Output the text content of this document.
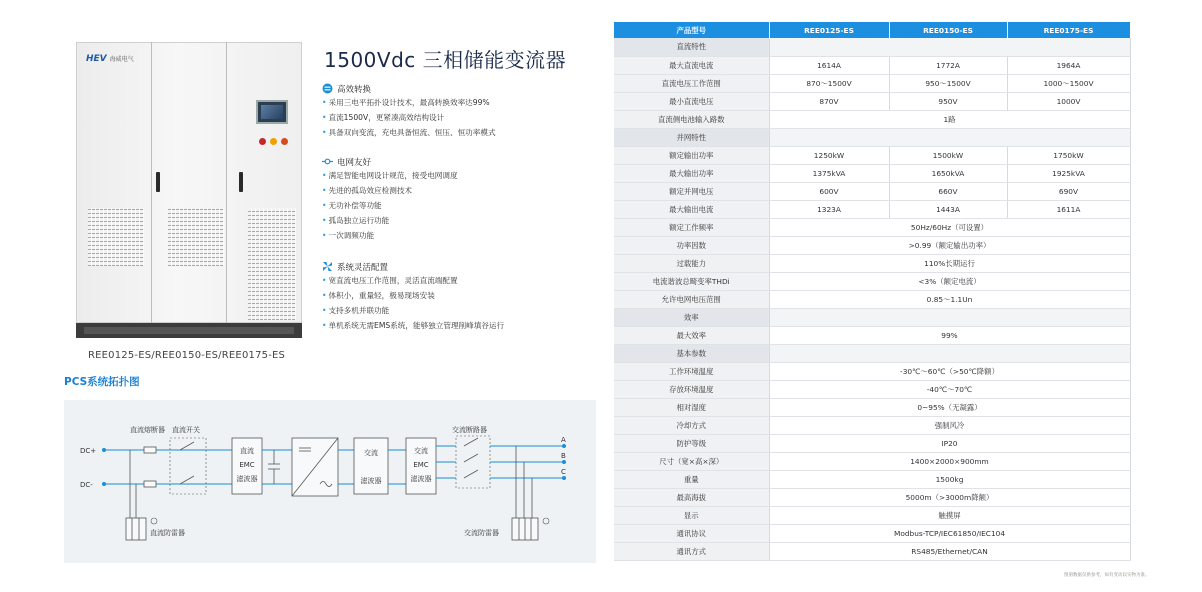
HEV 海威电气
REE0125-ES/REE0150-ES/REE0175-ES
1500Vdc 三相储能变流器
高效转换
• 采用三电平拓扑设计技术，最高转换效率达99%
• 直流1500V，更紧凑高效结构设计
• 具备双向变流，充电具备恒流、恒压、恒功率模式
电网友好
• 满足智能电网设计规范，接受电网调度
• 先进的孤岛效应检测技术
• 无功补偿等功能
• 孤岛独立运行功能
• 一次调频功能
系统灵活配置
• 宽直流电压工作范围，灵活直流端配置
• 体积小，重量轻，极易现场安装
• 支持多机并联功能
• 单机系统无需EMS系统，能够独立管理削峰填谷运行
PCS系统拓扑图
DC+
DC-
直流熔断器 直流开关
直流防雷器
直流
EMC
滤波器
交流
滤波器
交流
EMC
滤波器
交流断路器
A
B
C
交流防雷器
产品型号	REE0125-ES	REE0150-ES	REE0175-ES
直流特性			
最大直流电流	1614A	1772A	1964A
直流电压工作范围	870～1500V	950～1500V	1000～1500V
最小直流电压	870V	950V	1000V
直流侧电池输入路数	1路		
并网特性			
额定输出功率	1250kW	1500kW	1750kW
最大输出功率	1375kVA	1650kVA	1925kVA
额定并网电压	600V	660V	690V
最大输出电流	1323A	1443A	1611A
额定工作频率	50Hz/60Hz（可设置）		
功率因数	>0.99（额定输出功率）		
过载能力	110%长期运行		
电流谐波总畸变率THDi	<3%（额定电流）		
允许电网电压范围	0.85～1.1Un		
效率			
最大效率	99%		
基本参数			
工作环境温度	-30℃～60℃（>50℃降额）		
存放环境温度	-40℃～70℃		
相对湿度	0~95%（无凝露）		
冷却方式	强制风冷		
防护等级	IP20		
尺寸（宽×高×深）	1400×2000×900mm		
重量	1500kg		
最高海拔	5000m（>3000m降额）		
显示	触摸屏		
通讯协议	Modbus-TCP/IEC61850/IEC104		
通讯方式	RS485/Ethernet/CAN		
图册数据仅供参考，如有变动以实物为准。
